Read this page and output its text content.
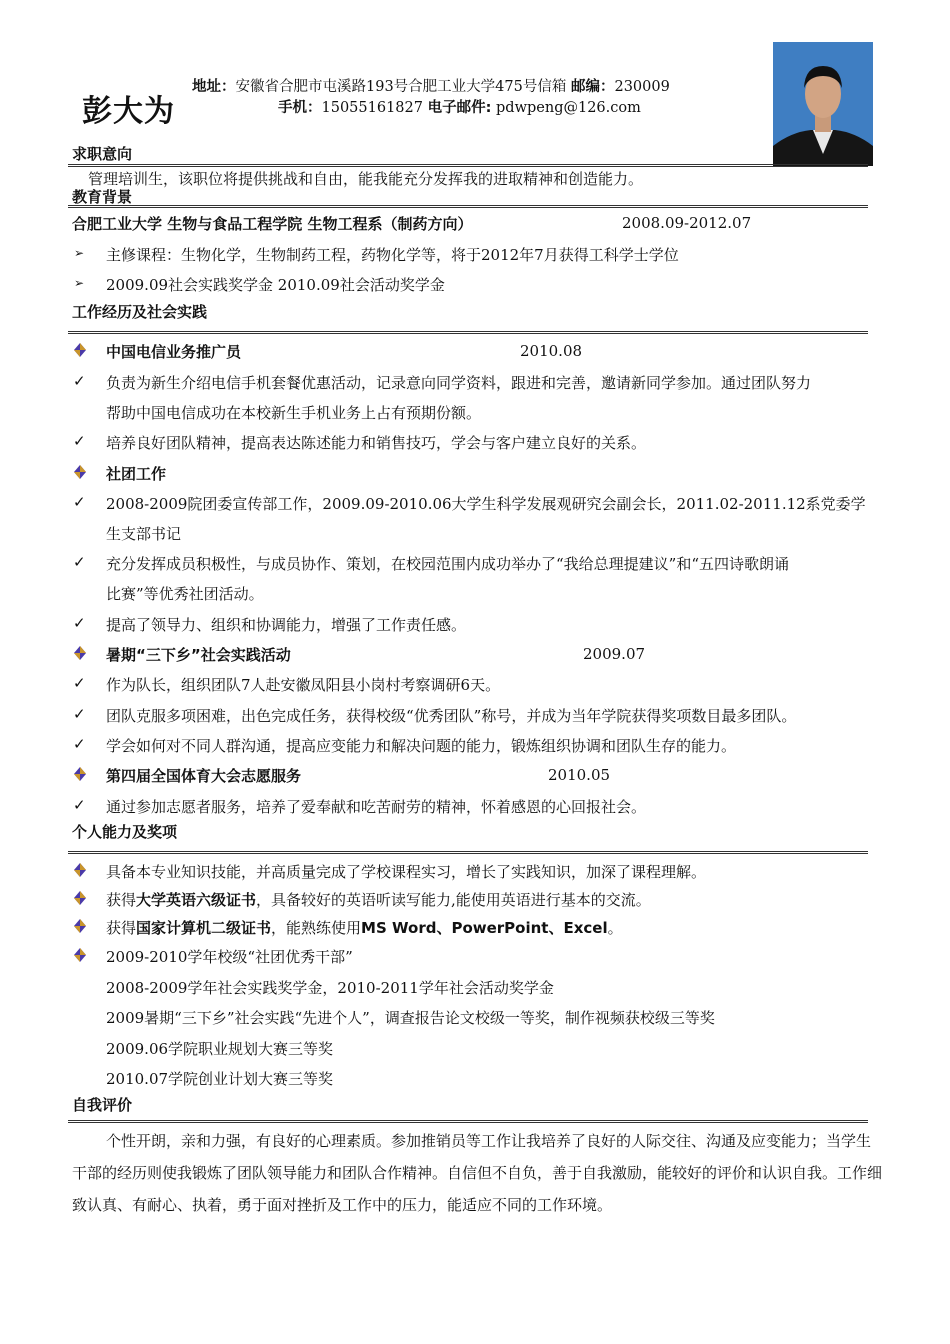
彭大为
地址：安徽省合肥市屯溪路193号合肥工业大学475号信箱 邮编：230009
手机：15055161827 电子邮件: pdwpeng@126.com
求职意向
管理培训生，该职位将提供挑战和自由，能我能充分发挥我的进取精神和创造能力。
教育背景
合肥工业大学 生物与食品工程学院 生物工程系（制药方向）	2008.09-2012.07
➢ 主修课程：生物化学，生物制药工程，药物化学等，将于2012年7月获得工科学士学位
➢ 2009.09社会实践奖学金 2010.09社会活动奖学金
工作经历及社会实践
中国电信业务推广员	2010.08
✓ 负责为新生介绍电信手机套餐优惠活动，记录意向同学资料，跟进和完善，邀请新同学参加。通过团队努力
帮助中国电信成功在本校新生手机业务上占有预期份额。
✓ 培养良好团队精神，提高表达陈述能力和销售技巧，学会与客户建立良好的关系。
社团工作
✓ 2008-2009院团委宣传部工作，2009.09-2010.06大学生科学发展观研究会副会长，2011.02-2011.12系党委学
生支部书记
✓ 充分发挥成员积极性，与成员协作、策划，在校园范围内成功举办了“我给总理提建议”和“五四诗歌朗诵
比赛”等优秀社团活动。
✓ 提高了领导力、组织和协调能力，增强了工作责任感。
暑期“三下乡”社会实践活动	2009.07
✓ 作为队长，组织团队7人赴安徽凤阳县小岗村考察调研6天。
✓ 团队克服多项困难，出色完成任务，获得校级“优秀团队”称号，并成为当年学院获得奖项数目最多团队。
✓ 学会如何对不同人群沟通，提高应变能力和解决问题的能力，锻炼组织协调和团队生存的能力。
第四届全国体育大会志愿服务	2010.05
✓ 通过参加志愿者服务，培养了爱奉献和吃苦耐劳的精神，怀着感恩的心回报社会。
个人能力及奖项
具备本专业知识技能，并高质量完成了学校课程实习，增长了实践知识，加深了课程理解。
获得大学英语六级证书，具备较好的英语听读写能力,能使用英语进行基本的交流。
获得国家计算机二级证书，能熟练使用MS Word、PowerPoint、Excel。
2009-2010学年校级“社团优秀干部”
2008-2009学年社会实践奖学金，2010-2011学年社会活动奖学金
2009暑期“三下乡”社会实践“先进个人”，调查报告论文校级一等奖，制作视频获校级三等奖
2009.06学院职业规划大赛三等奖
2010.07学院创业计划大赛三等奖
自我评价
个性开朗，亲和力强，有良好的心理素质。参加推销员等工作让我培养了良好的人际交往、沟通及应变能力；当学生干部的经历则使我锻炼了团队领导能力和团队合作精神。自信但不自负，善于自我激励，能较好的评价和认识自我。工作细致认真、有耐心、执着，勇于面对挫折及工作中的压力，能适应不同的工作环境。
